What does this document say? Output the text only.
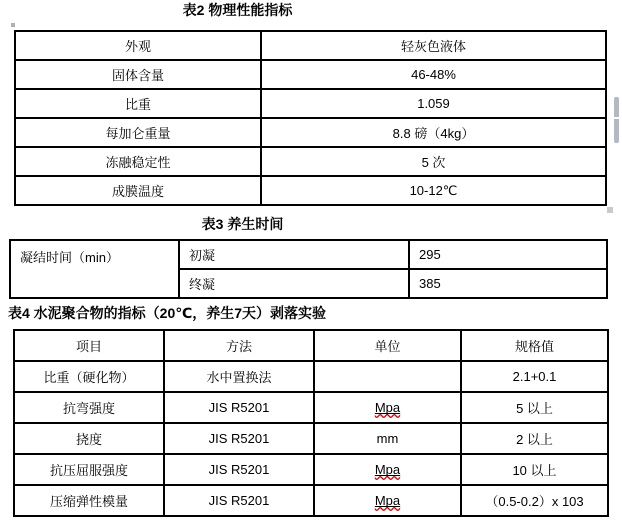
表2 物理性能指标
外观	轻灰色液体
固体含量	46-48%
比重	1.059
每加仑重量	8.8 磅（4kg）
冻融稳定性	5 次
成膜温度	10-12℃
表3 养生时间
凝结时间（min）	初凝	295
	终凝	385
表4 水泥聚合物的指标（20℃，养生7天）剥落实验
项目	方法	单位	规格值
比重（硬化物）	水中置换法		2.1+0.1
抗弯强度	JIS R5201	Mpa	5 以上
挠度	JIS R5201	mm	2 以上
抗压屈服强度	JIS R5201	Mpa	10 以上
压缩弹性模量	JIS R5201	Mpa	（0.5-0.2）x 103
